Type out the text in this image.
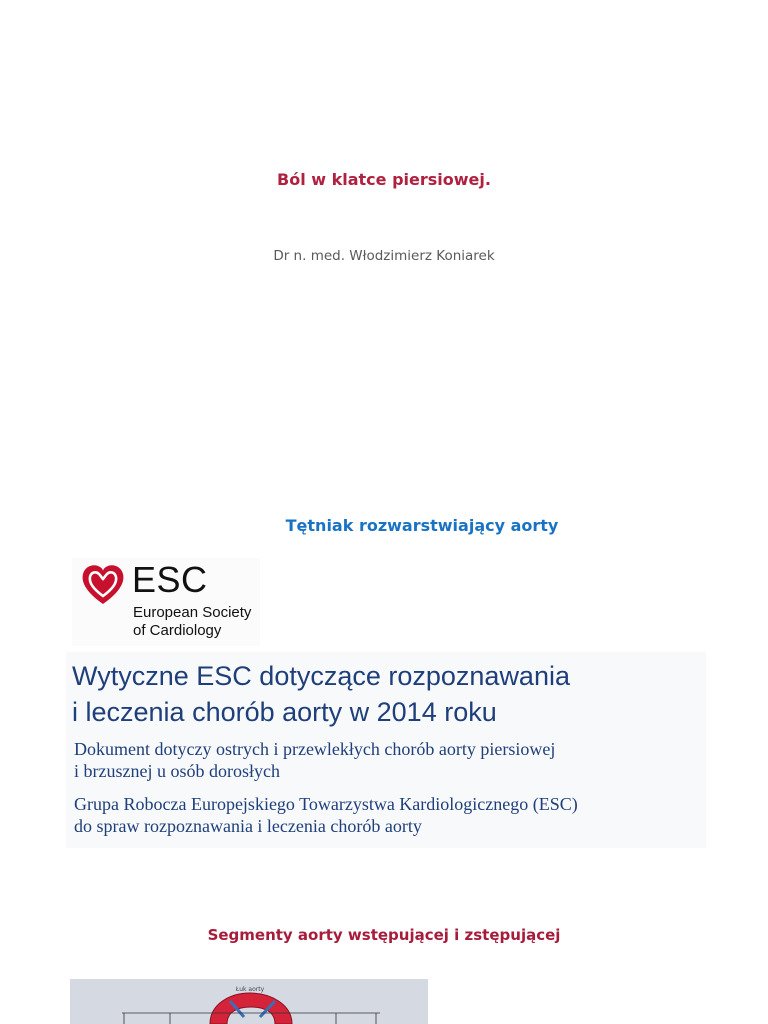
Ból w klatce piersiowej.
Dr n. med. Włodzimierz Koniarek
Tętniak rozwarstwiający aorty
ESC
European Society
of Cardiology
Wytyczne ESC dotyczące rozpoznawania
i leczenia chorób aorty w 2014 roku
Dokument dotyczy ostrych i przewlekłych chorób aorty piersiowej
i brzusznej u osób dorosłych
Grupa Robocza Europejskiego Towarzystwa Kardiologicznego (ESC)
do spraw rozpoznawania i leczenia chorób aorty
Segmenty aorty wstępującej i zstępującej
Łuk aorty
